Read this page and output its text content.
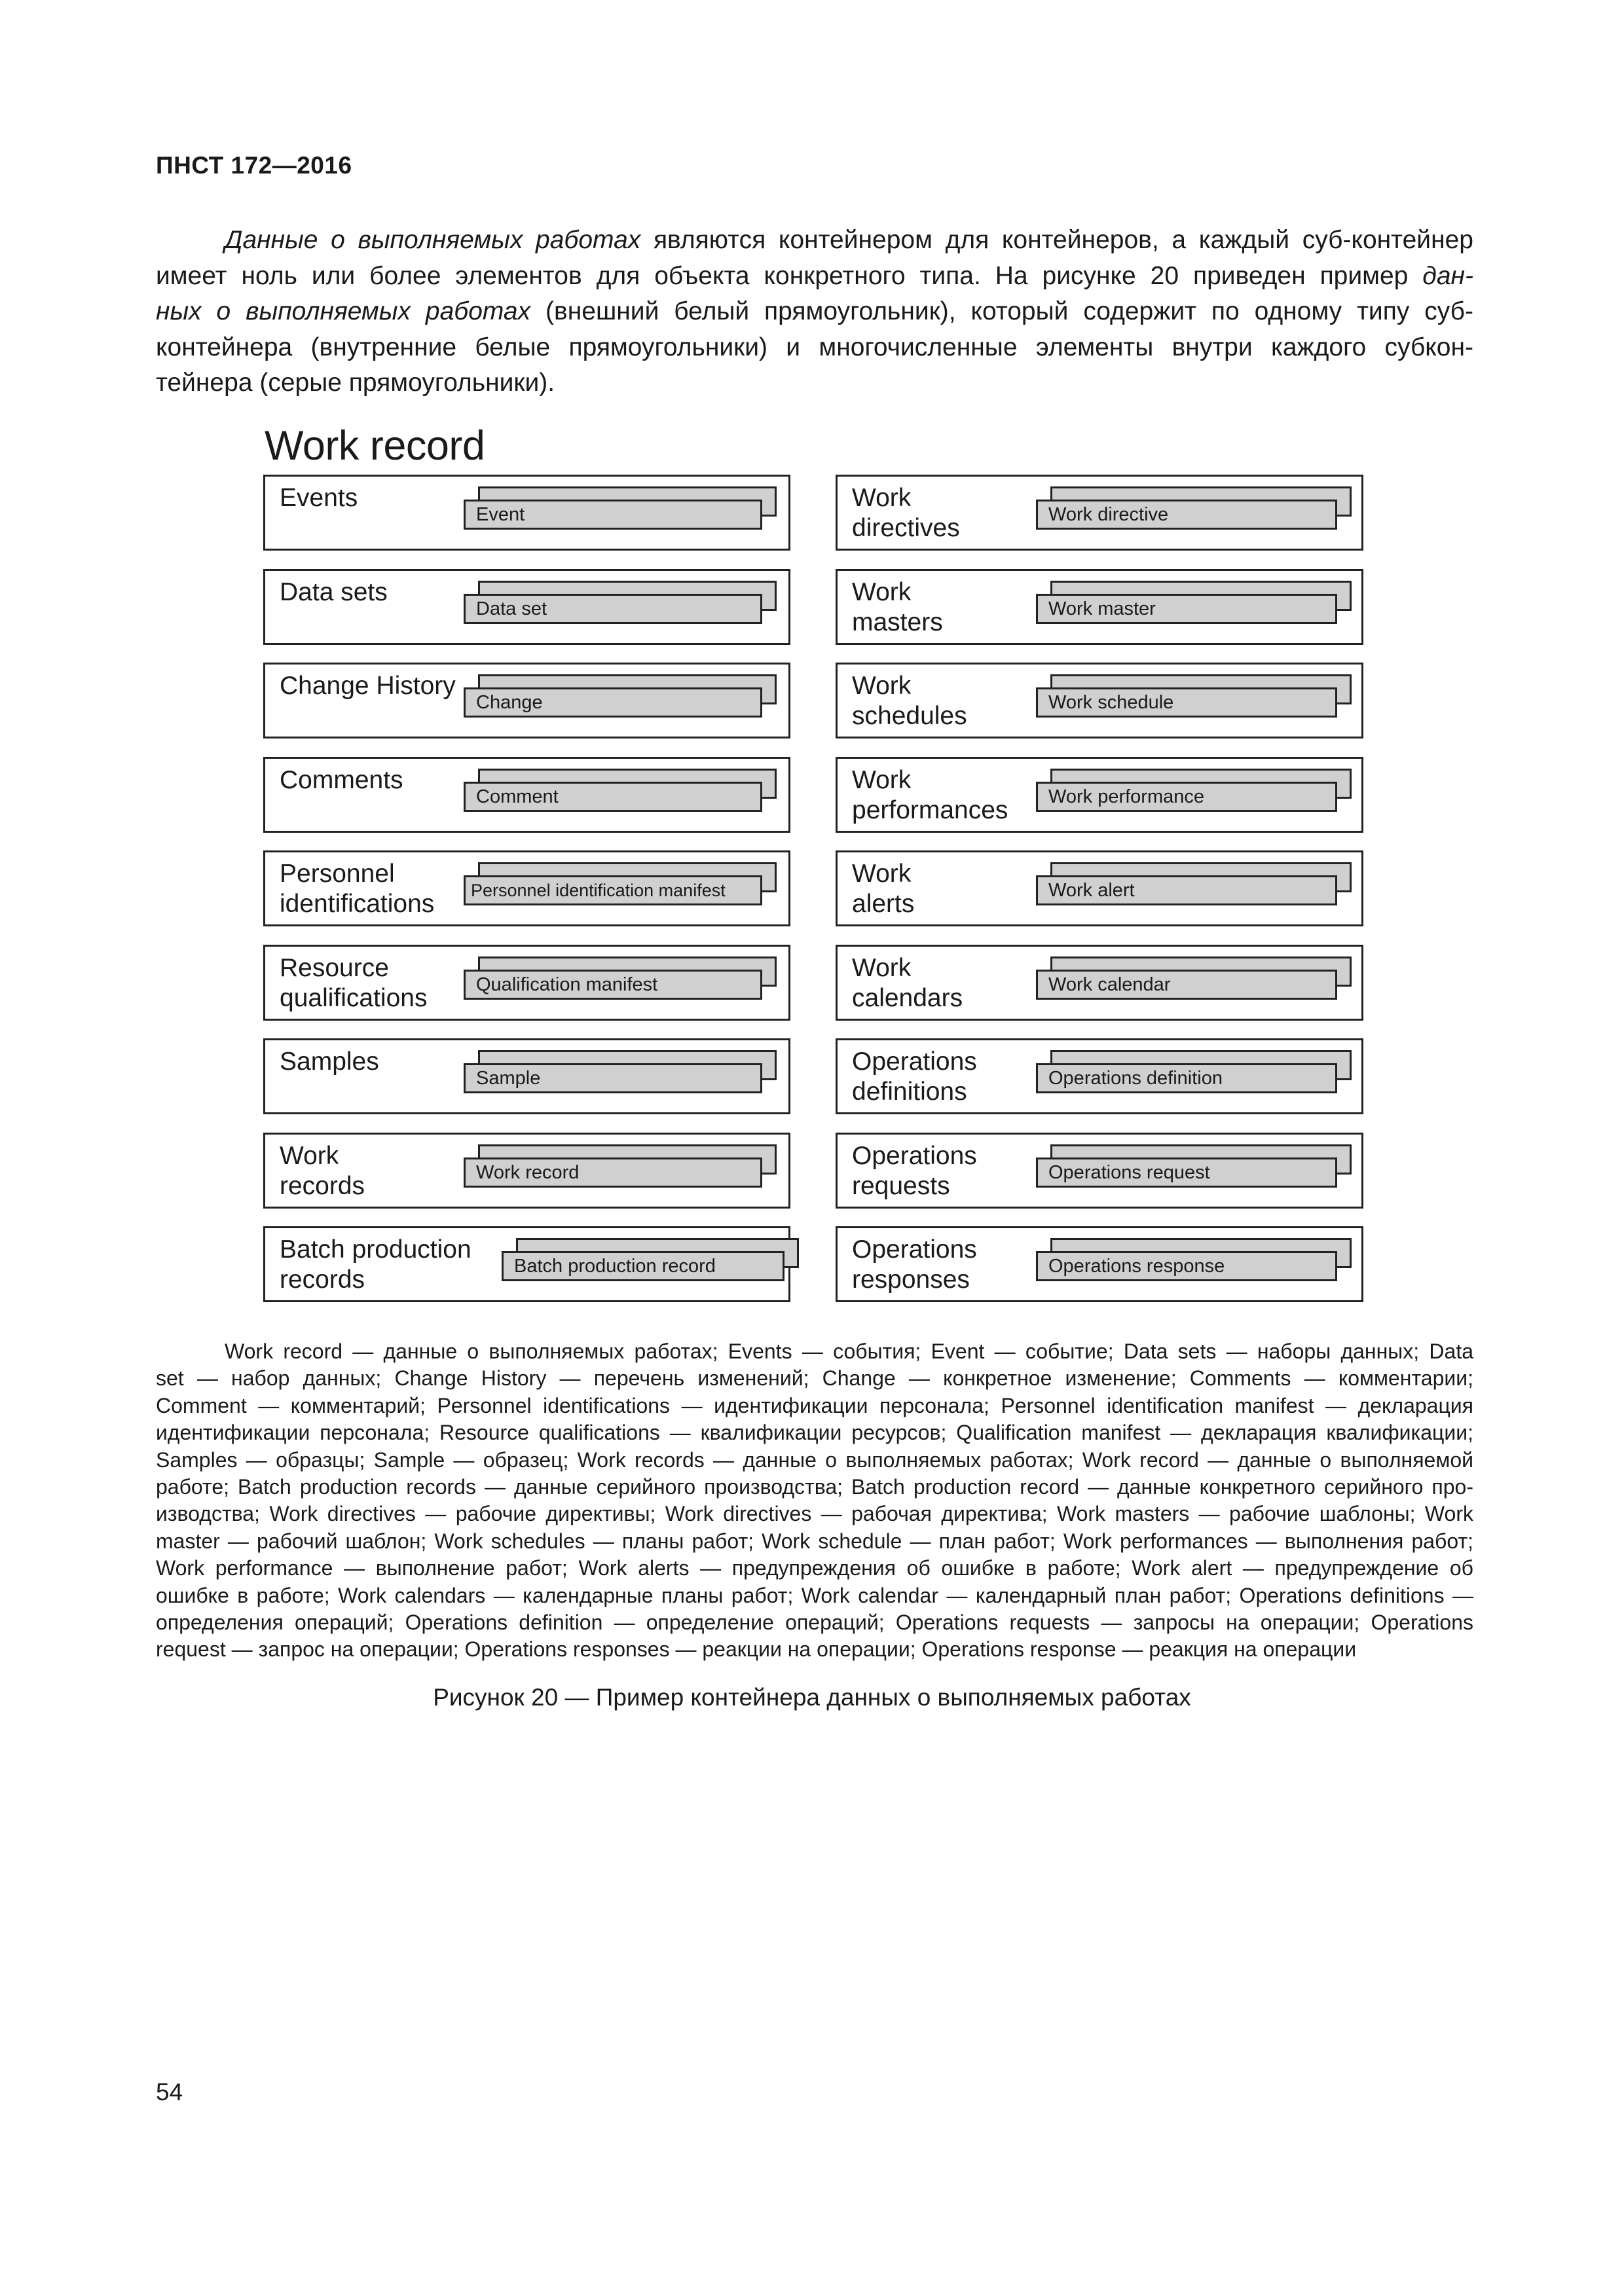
ПНСТ 172—2016
Данные о выполняемых работах являются контейнером для контейнеров, а каждый суб-контейнер
имеет ноль или более элементов для объекта конкретного типа. На рисунке 20 приведен пример дан-
ных о выполняемых работах (внешний белый прямоугольник), который содержит по одному типу суб-
контейнера (внутренние белые прямоугольники) и многочисленные элементы внутри каждого субкон-
тейнера (серые прямоугольники).
Work record
Work record — данные о выполняемых работах; Events — события; Event — событие; Data sets — наборы данных; Data
set — набор данных; Change History — перечень изменений; Change — конкретное изменение; Comments — комментарии;
Comment — комментарий; Personnel identifications — идентификации персонала; Personnel identification manifest — декларация
идентификации персонала; Resource qualifications — квалификации ресурсов; Qualification manifest — декларация квалификации;
Samples — образцы; Sample — образец; Work records — данные о выполняемых работах; Work record — данные о выполняемой
работе; Batch production records — данные серийного производства; Batch production record — данные конкретного серийного про-
изводства; Work directives — рабочие директивы; Work directives — рабочая директива; Work masters — рабочие шаблоны; Work
master — рабочий шаблон; Work schedules — планы работ; Work schedule — план работ; Work performances — выполнения работ;
Work performance — выполнение работ; Work alerts — предупреждения об ошибке в работе; Work alert — предупреждение об
ошибке в работе; Work calendars — календарные планы работ; Work calendar — календарный план работ; Operations definitions —
определения операций; Operations definition — определение операций; Operations requests — запросы на операции; Operations
request — запрос на операции; Operations responses — реакции на операции; Operations response — реакция на операции
Рисунок 20 — Пример контейнера данных о выполняемых работах
54
Events
Event
Data sets
Data set
Change History
Change
Comments
Comment
Personnel
identifications	Personnel identification manifest
Resource
qualifications	Qualification manifest
Samples
Sample
Work
records	Work record
Batch production
records	Batch production record
Work
directives	Work directive
Work
masters	Work master
Work
schedules	Work schedule
Work
performances	Work performance
Work
alerts	Work alert
Work
calendars	Work calendar
Operations
definitions	Operations definition
Operations
requests	Operations request
Operations
responses	Operations response
